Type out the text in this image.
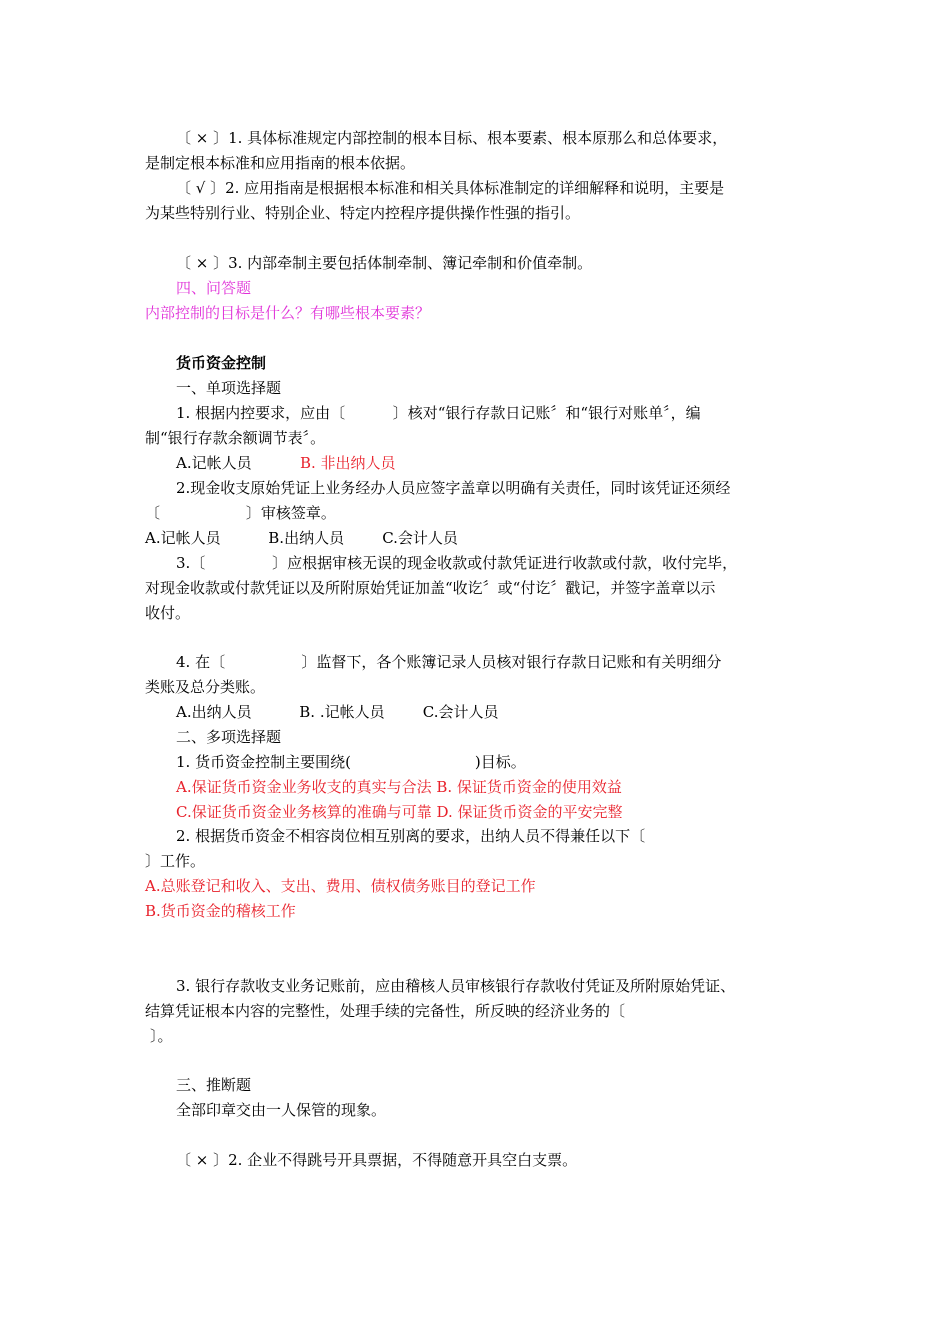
〔 × 〕1. 具体标准规定内部控制的根本目标、根本要素、根本原那么和总体要求，
是制定根本标准和应用指南的根本依据。
〔 √ 〕2. 应用指南是根据根本标准和相关具体标准制定的详细解释和说明，主要是
为某些特别行业、特别企业、特定内控程序提供操作性强的指引。
〔 × 〕3. 内部牵制主要包括体制牵制、簿记牵制和价值牵制。
四、问答题
内部控制的目标是什么？有哪些根本要素？
货币资金控制
一、单项选择题
1. 根据内控要求，应由〔          〕核对“银行存款日记账〞和“银行对账单〞，编
制“银行存款余额调节表〞。
A.记帐人员	B. 非出纳人员
2.现金收支原始凭证上业务经办人员应签字盖章以明确有关责任，同时该凭证还须经
〔                  〕审核签章。
A.记帐人员          B.出纳人员        C.会计人员
3.〔              〕应根据审核无误的现金收款或付款凭证进行收款或付款，收付完毕，
对现金收款或付款凭证以及所附原始凭证加盖“收讫〞或“付讫〞戳记，并签字盖章以示
收付。
4. 在〔                〕监督下，各个账簿记录人员核对银行存款日记账和有关明细分
类账及总分类账。
A.出纳人员          B. .记帐人员        C.会计人员
二、多项选择题
1. 货币资金控制主要围绕(                          )目标。
A.保证货币资金业务收支的真实与合法 B. 保证货币资金的使用效益
C.保证货币资金业务核算的准确与可靠 D. 保证货币资金的平安完整
2. 根据货币资金不相容岗位相互别离的要求，出纳人员不得兼任以下〔
〕工作。
A.总账登记和收入、支出、费用、债权债务账目的登记工作
B.货币资金的稽核工作
3. 银行存款收支业务记账前，应由稽核人员审核银行存款收付凭证及所附原始凭证、
结算凭证根本内容的完整性，处理手续的完备性，所反映的经济业务的〔
〕。
三、推断题
全部印章交由一人保管的现象。
〔 × 〕2. 企业不得跳号开具票据，不得随意开具空白支票。
